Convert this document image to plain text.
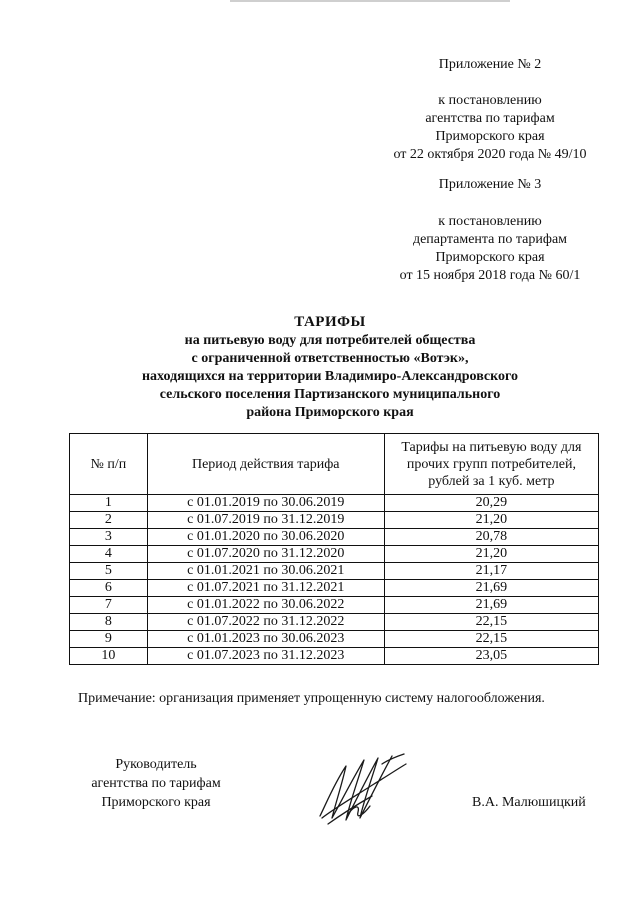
Приложение № 2
к постановлению
агентства по тарифам
Приморского края
от 22 октября 2020 года № 49/10
Приложение № 3
к постановлению
департамента по тарифам
Приморского края
от 15 ноября 2018 года № 60/1
ТАРИФЫ
на питьевую воду для потребителей общества
с ограниченной ответственностью «Вотэк»,
находящихся на территории Владимиро-Александровского
сельского поселения Партизанского муниципального
района Приморского края
№ п/п	Период действия тарифа	Тарифы на питьевую воду для
прочих групп потребителей,
рублей за 1 куб. метр

1	с 01.01.2019 по 30.06.2019	20,29
2	с 01.07.2019 по 31.12.2019	21,20
3	с 01.01.2020 по 30.06.2020	20,78
4	с 01.07.2020 по 31.12.2020	21,20
5	с 01.01.2021 по 30.06.2021	21,17
6	с 01.07.2021 по 31.12.2021	21,69
7	с 01.01.2022 по 30.06.2022	21,69
8	с 01.07.2022 по 31.12.2022	22,15
9	с 01.01.2023 по 30.06.2023	22,15
10	с 01.07.2023 по 31.12.2023	23,05
Примечание: организация применяет упрощенную систему налогообложения.
Руководитель
агентства по тарифам
Приморского края	В.А. Малюшицкий
